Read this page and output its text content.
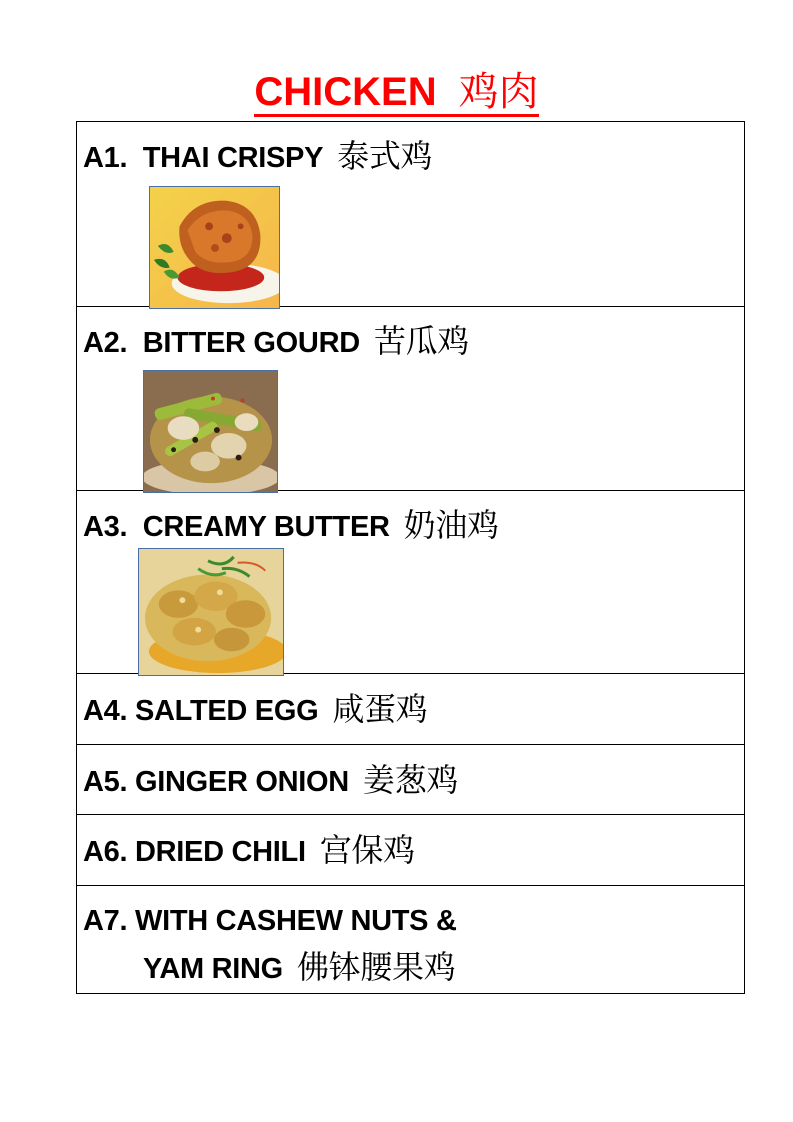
CHICKEN 鸡肉
A1. THAI CRISPY 泰式鸡
A2. BITTER GOURD 苦瓜鸡
A3. CREAMY BUTTER 奶油鸡
A4. SALTED EGG 咸蛋鸡
A5. GINGER ONION 姜葱鸡
A6. DRIED CHILI 宫保鸡
A7. WITH CASHEW NUTS &
YAM RING 佛钵腰果鸡
